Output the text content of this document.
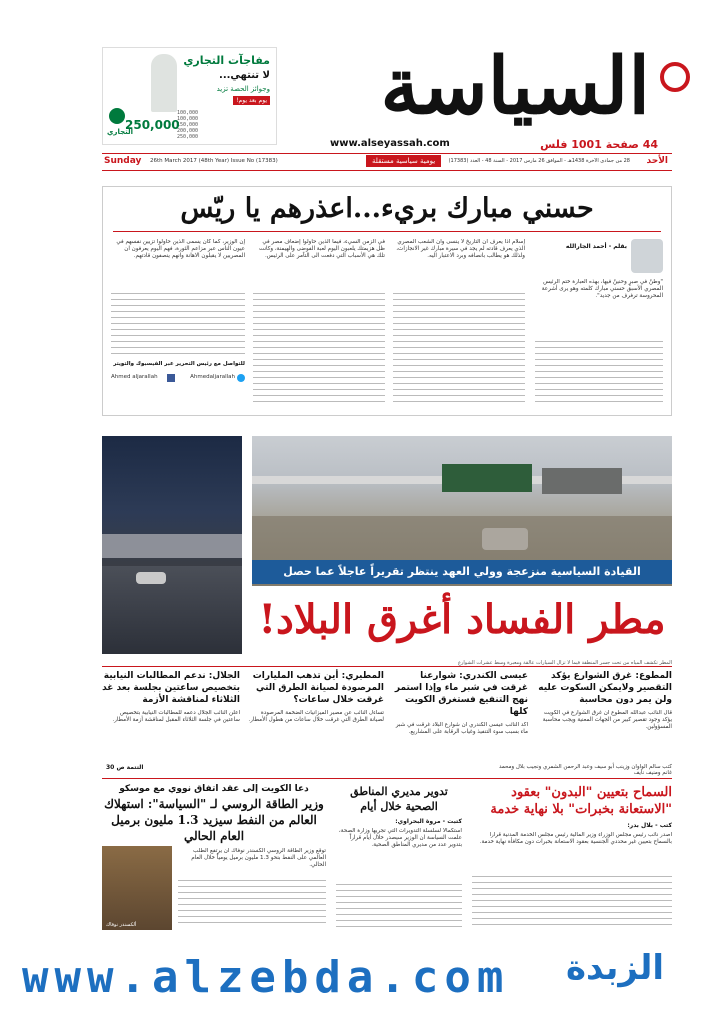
السياسة
44 صفحة 1001 فلس
www.alseyassah.com
مفاجآت التجاري
لا تنتهي...
وجوائز الحصة تزيد
يوم بعد يوم!
100,000
100,000
150,000
200,000
250,000
250,000
التجاري
الأحد
28 من جمادى الآخرة 1438هـ - الموافق 26 مارس 2017 - السنة 48 - العدد (17383)
يومية سياسية مستقلة
26th March 2017 (48th Year) Issue No (17383)
Sunday
حسني مبارك بريء...اعذرهم يا ريّس
بقلم - أحمد الجارالله
"وطنٌ في صبرٍ وحنينٌ فيها، بهذه العبارة ختم الرئيس المصري الأسبق حسني مبارك كلمته وهو يرى أشرعة المحروسة ترفرف من جديد".
إسلام اذا يعرف ان التاريخ لا ينسى وان الشعب المصري الذي يعرف قادته لم يجد في سيرة مبارك غير الانجازات، ولذلك هو يطالب بانصافه وبرد الاعتبار اليه.
في الزمن السيء، فيما الذين حاولوا إضعاف مصر في ظل هزيمتك يلعبون اليوم لعبة الفوضى والهيمنة، وكانت تلك هي الأسباب التي دفعت الى التآمر على الرئيس.
إن الوزير، كما كان يسمى الذين حاولوا تزيين نفسهم في عيون الناس عبر مزاعم الثورة، فهم اليوم يعرفون ان المصريين لا يقبلون الاهانة وانهم ينصفون قادتهم.
للتواصل مع رئيس التحرير عبر الفيسبوك والتويتر
Ahmedaljarallah
Ahmed aljarallah
القيادة السياسية منزعجة وولي العهد ينتظر تقريراً عاجلاً عما حصل
مطر الفساد أغرق البلاد!
المطر تكشف المياه من تحت جسر المنطقة فيما لا تزال السيارات عالقة ومعبرة وسط عشرات الشوارع
المطوع: غرق الشوارع يؤكد التقصير ولايمكن السكوت عليه ولن يمر دون محاسبة
قال النائب عبدالله المطوع ان غرق الشوارع في الكويت يؤكد وجود تقصير كبير من الجهات المعنية ويجب محاسبة المسؤولين.
عيسى الكندري: شوارعنا غرقت في شبر ماء وإذا استمر نهج التنفيع فستغرق الكويت كلها
أكد النائب عيسى الكندري ان شوارع البلاد غرقت في شبر ماء بسبب سوء التنفيذ وغياب الرقابة على المشاريع.
المطيري: أين تذهب المليارات المرصودة لصيانة الطرق التي غرقت خلال ساعات؟
تساءل النائب عن مصير الميزانيات الضخمة المرصودة لصيانة الطرق التي غرقت خلال ساعات من هطول الأمطار.
الجلال: ندعم المطالبات النيابية بتخصيص ساعتين بجلسة بعد غد الثلاثاء لمناقشة الأزمة
أعلن النائب الجلال دعمه للمطالبات النيابية بتخصيص ساعتين في جلسة الثلاثاء المقبل لمناقشة أزمة الأمطار.
كتب سالم الواوان وزينب أبو سيف وعبد الرحمن الشمري ونجيب بلال ومحمد غانم ومنيف نايف
التتمة ص 30
السماح بتعيين "البدون" بعقود "الاستعانة بخبرات" بلا نهاية خدمة
كتب - بلال بدر:
أصدر نائب رئيس مجلس الوزراء وزير المالية رئيس مجلس الخدمة المدنية قراراً بالسماح بتعيين غير محددي الجنسية بعقود الاستعانة بخبرات دون مكافأة نهاية خدمة.
تدوير مديري المناطق الصحية خلال أيام
كتبت - مروة البحراوي:
استكمالاً لسلسلة التدويرات التي تجريها وزارة الصحة، علمت السياسة ان الوزير سيصدر خلال أيام قراراً بتدوير عدد من مديري المناطق الصحية.
دعا الكويت إلى عقد اتفاق نووي مع موسكو
وزير الطاقة الروسي لـ "السياسة": استهلاك العالم من النفط سيزيد 1.3 مليون برميل العام الحالي
ألكسندر نوفاك
توقع وزير الطاقة الروسي الكسندر نوفاك ان يرتفع الطلب العالمي على النفط بنحو 1.3 مليون برميل يومياً خلال العام الحالي.
www.alzebda.com الزبدة
